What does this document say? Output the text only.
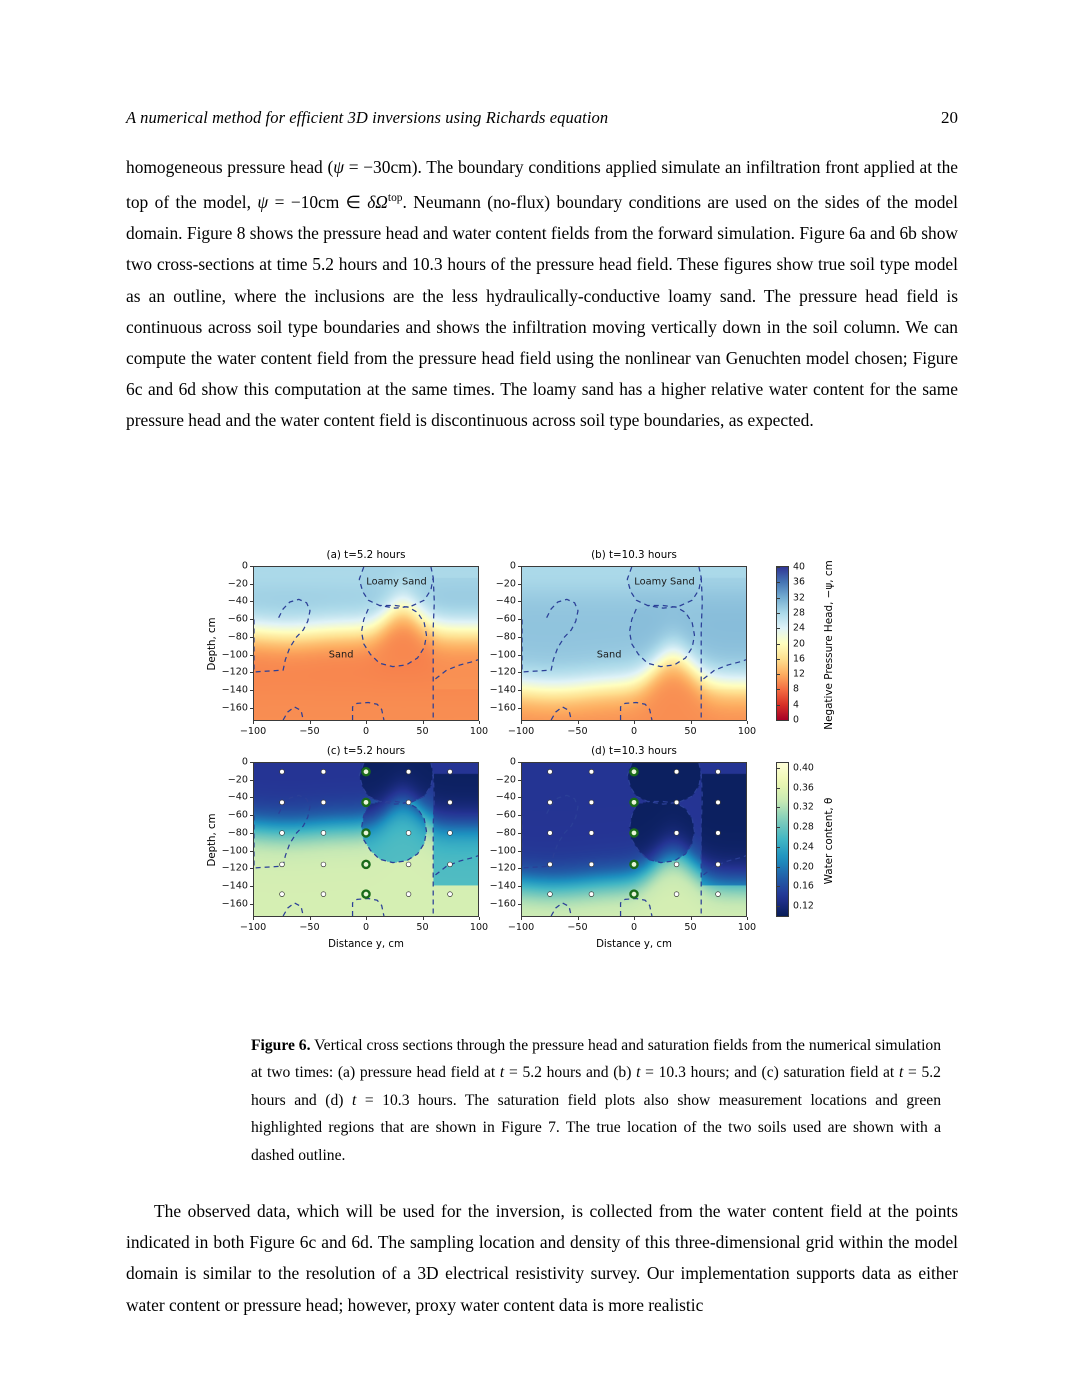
A numerical method for efficient 3D inversions using Richards equation	20
homogeneous pressure head (ψ = −30cm). The boundary conditions applied simulate an infiltration front applied at the top of the model, ψ = −10cm ∈ $\delta\Omega^{top}$. Neumann (no-flux) boundary conditions are used on the sides of the model domain. Figure 8 shows the pressure head and water content fields from the forward simulation. Figure 6a and 6b show two cross-sections at time 5.2 hours and 10.3 hours of the pressure head field. These figures show true soil type model as an outline, where the inclusions are the less hydraulically-conductive loamy sand. The pressure head field is continuous across soil type boundaries and shows the infiltration moving vertically down in the soil column. We can compute the water content field from the pressure head field using the nonlinear van Genuchten model chosen; Figure 6c and 6d show this computation at the same times. The loamy sand has a higher relative water content for the same pressure head and the water content field is discontinuous across soil type boundaries, as expected.
(a) t=5.2 hours
Loamy Sand
Sand
0
−20
−40
−60
−80
−100
−120
−140
−160
−100	−50	0	50	100
Depth, cm
(b) t=10.3 hours
Loamy Sand
Sand
0
−20
−40
−60
−80
−100
−120
−140
−160
−100	−50	0	50	100
(c) t=5.2 hours
0
−20
−40
−60
−80
−100
−120
−140
−160
−100	−50	0	50	100
Distance y, cm
Depth, cm
(d) t=10.3 hours
0
−20
−40
−60
−80
−100
−120
−140
−160
−100	−50	0	50	100
Distance y, cm
0
4
8
12
16
20
24
28
32
36
40 Negative Pressure Head, −ψ, cm
0.12
0.16
0.20
0.24
0.28
0.32
0.36
0.40
Water content, θ
Figure 6. Vertical cross sections through the pressure head and saturation fields from the numerical simulation at two times: (a) pressure head field at t = 5.2 hours and (b) t = 10.3 hours; and (c) saturation field at t = 5.2 hours and (d) t = 10.3 hours. The saturation field plots also show measurement locations and green highlighted regions that are shown in Figure 7. The true location of the two soils used are shown with a dashed outline.
The observed data, which will be used for the inversion, is collected from the water content field at the points indicated in both Figure 6c and 6d. The sampling location and density of this three-dimensional grid within the model domain is similar to the resolution of a 3D electrical resistivity survey. Our implementation supports data as either water content or pressure head; however, proxy water content data is more realistic
